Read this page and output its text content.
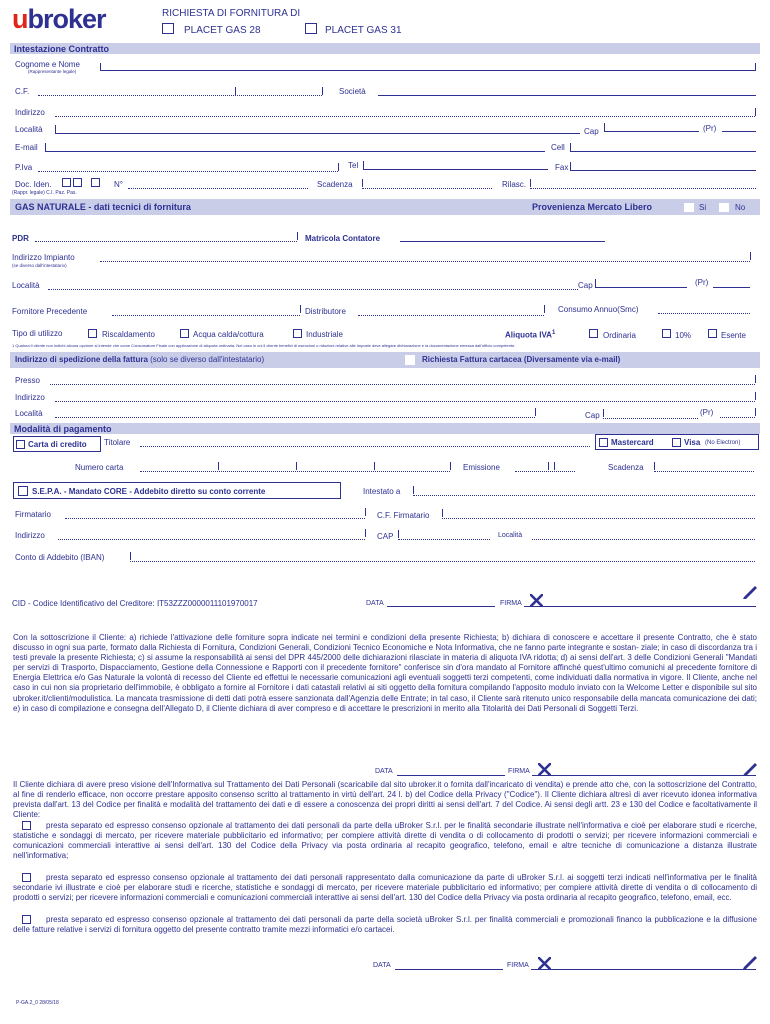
ubroker	RICHIESTA DI FORNITURA DI
PLACET GAS 28	PLACET GAS 31
Intestazione Contratto
Cognome e Nome
(Rappresentante legale)
C.F.	Società
Indirizzo
Località	Cap	(Pr)
E-mail	Cell
P.Iva	Tel	Fax
Doc. Iden.	N°
(Rappr. legale) C.I. Paz. Pas.
Scadenza	Rilasc.
GAS NATURALE - dati tecnici di fornitura	Provenienza Mercato Libero	Si	No
PDR	Matricola Contatore
Indirizzo Impianto
(se diverso dall'intestatario)
Località	Cap	(Pr)
Fornitore Precedente	Distributore	Consumo Annuo(Smc)
Tipo di utilizzo	Riscaldamento	Acqua calda/cottura	Industriale	Aliquota IVA$^1$	Ordinaria	10%	Esente
1 Qualora il cliente non indichi alcuna opzione si intende che come Consumatore Finale con applicazione di aliquota ordinaria. Nel caso in cui il cliente benefici di esenzioni o riduzioni relative alle imposte deve allegare dichiarazione e la documentazione emessa dall'ufficio competente.
Indirizzo di spedizione della fattura (solo se diverso dall'intestatario)	Richiesta Fattura cartacea (Diversamente via e-mail)
Presso
Indirizzo
Località	Cap	(Pr)
Modalità di pagamento
Carta di credito Titolare	Mastercard	Visa (No Electron)
Numero carta	Emissione	Scadenza
S.E.P.A. - Mandato CORE - Addebito diretto su conto corrente	Intestato a
Firmatario	C.F. Firmatario
Indirizzo	CAP	Località
Conto di Addebito (IBAN)
CID - Codice Identificativo del Creditore: IT53ZZZ0000011101970017	DATA	FIRMA
Con la sottoscrizione il Cliente: a) richiede l'attivazione delle forniture sopra indicate nei termini e condizioni della presente Richiesta; b) dichiara di conoscere e accettare il presente Contratto, che è stato discusso in ogni sua parte, formato dalla Richiesta di Fornitura, Condizioni Generali, Condizioni Tecnico Economiche e Nota Informativa, che ne fanno parte integrante e sostan- ziale; in caso di discordanza tra i testi prevale la presente Richiesta; c) si assume la responsabilità ai sensi del DPR 445/2000 delle dichiarazioni rilasciate in materia di aliquota IVA ridotta; d) ai sensi dell'art. 3 delle Condizioni Generali "Mandati per servizi di Trasporto, Dispacciamento, Gestione della Connessione e Rapporti con il precedente fornitore" conferisce sin d'ora mandato al Fornitore affinché quest'ultimo comunichi al precedente fornitore di Energia Elettrica e/o Gas Naturale la volontà di recesso del Cliente ed effettui le necessarie comunicazioni agli eventuali soggetti terzi competenti, come individuati dalla normativa in vigore. Il Cliente, anche nel caso in cui non sia proprietario dell'immobile, è obbligato a fornire al Fornitore i dati catastali relativi ai siti oggetto della fornitura compilando l'apposito modulo inviato con la Welcome Letter e disponibile sul sito ubroker.it/clienti/modulistica. La mancata trasmissione di detti dati potrà essere sanzionata dall'Agenzia delle Entrate; in tal caso, il Cliente sarà ritenuto unico responsabile della mancata comunicazione dei dati; e) in caso di compilazione e consegna dell'Allegato D, il Cliente dichiara di aver compreso e di accettare le prescrizioni in merito alla Titolarità dei Dati Personali di Soggetti Terzi.
DATA	FIRMA
Il Cliente dichiara di avere preso visione dell'Informativa sul Trattamento dei Dati Personali (scaricabile dal sito ubroker.it o fornita dall'incaricato di vendita) e prende atto che, con la sottoscrizione del Contratto, al fine di renderlo efficace, non occorre prestare apposito consenso scritto al trattamento in virtù dell'art. 24 l. b) del Codice della Privacy ("Codice"). Il Cliente dichiara altresì di aver ricevuto idonea informativa prevista dall'art. 13 del Codice per finalità e modalità del trattamento dei dati e di essere a conoscenza dei propri diritti ai sensi dell'art. 7 del Codice. Ai sensi degli artt. 23 e 130 del Codice e facoltativamente il Cliente:
presta separato ed espresso consenso opzionale al trattamento dei dati personali da parte della uBroker S.r.l. per le finalità secondarie illustrate nell'informativa e cioè per elaborare studi e ricerche, statistiche e sondaggi di mercato, per ricevere materiale pubblicitario ed informativo; per compiere attività dirette di vendita o di collocamento di prodotti o servizi; per ricevere informazioni commerciali e comunicazioni commerciali interattive ai sensi dell'art. 130 del Codice della Privacy via posta ordinaria al recapito geografico, telefono, email e altre tecniche di comunicazione a distanza illustrate nell'informativa;
presta separato ed espresso consenso opzionale al trattamento dei dati personali rappresentato dalla comunicazione da parte di uBroker S.r.l. ai soggetti terzi indicati nell'informativa per le finalità secondarie ivi illustrate e cioè per elaborare studi e ricerche, statistiche e sondaggi di mercato, per ricevere materiale pubblicitario ed informativo; per compiere attività dirette di vendita o di collocamento di prodotti o servizi; per ricevere informazioni commerciali e comunicazioni commerciali interattive ai sensi dell'art. 130 del Codice della Privacy via posta ordinaria al recapito geografico, telefono, email, ecc.
presta separato ed espresso consenso opzionale al trattamento dei dati personali da parte della società uBroker S.r.l. per finalità commerciali e promozionali financo la pubblicazione e la diffusione delle fatture relative i servizi di fornitura oggetto del presente contratto tramite mezzi informatici e/o cartacei.
DATA	FIRMA
P-GA.2_0 28/05/18
